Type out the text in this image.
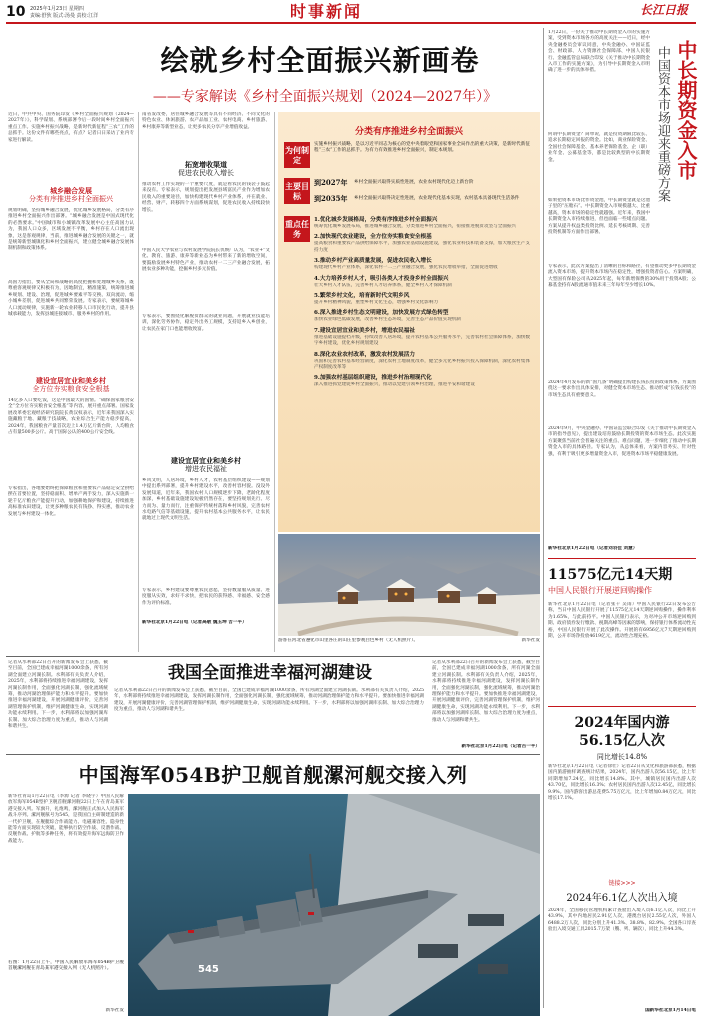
10 2025年1月23日 星期四
责编:舒狄 版式:汤曼 责校:江洋	时事新闻	长江日报
绘就乡村全面振兴新画卷
——专家解读《乡村全面振兴规划（2024—2027年）》
近日，中共中央、国务院印发《乡村全面振兴规划（2024—2027年）》，科学谋划、系统部署今后一段时间乡村全面振兴重点工作。实施乡村振兴战略，是新时代新征程“三农”工作的总抓手。这份文件有哪些亮点，有点？记者日日采访了业内专家进行解读。
城乡融合发展
分类有序推进乡村全面振兴
规划明确，坚持城乡融合发展，优化城乡发展格局，分类有序推进乡村全面振兴作出部署。“城乡融合发展是中国式现代化的必然要求。”中国城市和小城镇改革发展中心主任高国力认为，我国人口众多，区域发展不平衡，乡村存在人口流出现象，这是客观规律，当前，推进城乡融合发展的关键之一，就是统筹新型城镇化和乡村全面振兴，建立健全城乡融合发展体制机制和政策体系。
高国力指出，要从全局和战略的高度把握和处理城乡关系，既尊重客观规律又积极有为，因地制宜，精准施策，统筹推进城乡规划、建设、治理，促进城乡要素平等交换、双向流动，缩小城乡差别，促进城乡共同繁荣发展。专家表示，要统筹城乡人口流动规律，实施新一轮农业转移人口市民化行动，提升县城承载能力，发挥县城连接城市、服务乡村的作用。
建设宜居宜业和美乡村
全方位夯实粮食安全根基
14亿多人口要吃饭，这是中国最大的国情。“确保国家粮食安全”全方位夯实粮食安全根基“等内容，展开重点部署。国家发展改革委宏观经济研究院院长黄汉权表示，近年来我国深入实施藏粮于地、藏粮于技战略，农业综合生产能力稳步提高，2024年，我国粮食产量首次迈上1.4万亿斤新台阶，人均粮食占有量500多公斤。高于国际公认的400公斤安全线。
专家指出，各地要始终把保障粮食和重要农产品稳定安全供给摆在首要位置，坚持稳面积、增单产两手发力，深入实施新一轮千亿斤粮食产能提升行动，加强耕地保护和建设，持续推进高标准农田建设，让更多种粮农民有钱挣、得实惠，推动农业发展与乡村建设一体化。
南省发改委，居住城乡融合发展等具有不同经济、不同文化的特色农业、休闲旅游、农产品加工业、农村电商、乡村旅游、乡村康养等新型业态，让更多农民分享产业增值收益。
拓宽增收渠道
促进农民收入增长
推动农村工作实现的一个重要尺度，就是看农民的钱袋子鼓起来没有。专家表示，规划提出把发展县域富民产业作为增加农民收入的重要途径，加快构建现代乡村产业体系，并在就业、经营、财产、转移四个方面系统谋划，促进农民收入持续较快增长。
中国人民大学农业与农村发展学院院长仇焕广认为，“农业+”文化、教育、旅游、康养等新业态为乡村带来了新的增收空间，要鼓励发展乡村特色产业，推动农村一二三产业融合发展，拓展农业多种功能，挖掘乡村多元价值。
专家表示，要围绕化解脱贫群众的就业问题，开展就业技能培训，深化劳务协作，稳定外出务工规模，支持返乡入乡创业，让农民在家门口也能增收致富。
建设宜居宜业和美乡村
增进农民福祉
乡风文明，人居环境，乡村人才，农村基层组织建设——规划中提出系列部署，提升乡村建设水平，改善村容村貌。没设外发展知道，近年来，我国农村人口规模逐步下降，老龄化程度加深，乡村基础设施建设短板仍然存在，要坚持规划先行、尽力而为、量力而行，注重保护传统村落和乡村风貌，完善农村水电路气信等基础设施，提升农村基本公共服务水平，让农民就地过上现代文明生活。
专家表示，乡村建设要尊重农民意愿，坚持数量服从质量、进度服从实效，求好不求快，把农民的获得感、幸福感、安全感作为评价标准。
新华社北京1月22日电（记者高敬 魏玉坤 吉一平）
分类有序推进乡村全面振兴
为何制定
实施乡村振兴战略，是以习近平同志为核心的党中央着眼党和国家事业全局作出的重大决策，是新时代新征程“三农”工作的总抓手。为有力有效推进乡村全面振兴，制定本规划。
主要目标
到2027年	乡村全面振兴取得实质性进展，农业农村现代化迈上新台阶
到2035年	乡村全面振兴取得决定性进展，农业现代化基本实现，农村基本具备现代生活条件
重点任务
1.优化城乡发展格局，分类有序推进乡村全面振兴
统筹优化城乡发展布局，推进城乡融合发展，分类推进乡村全面振兴，衔接推进脱贫攻坚与全面振兴
2.加快现代农业建设，全方位夯实粮食安全根基
提高粮食和重要农产品供给保障水平，加强农业基础设施建设，强化农业科技和装备支撑，加大粮食生产支持力度
3.推动乡村产业高质量发展，促进农民收入增长
构建现代乡村产业体系，深化农村一二三产业融合发展，强化农民增收举措，全面促进增收
4.大力培养乡村人才，吸引各类人才投身乡村全面振兴
壮大乡村人才队伍，完善乡村人才培养体系，健全乡村人才保障机制
5.繁荣乡村文化，培育新时代文明乡风
提升乡村精神风貌，重塑乡村文化生态，增强乡村文化影响力
6.深入推进乡村生态文明建设，加快发展方式绿色转型
加快农业绿色低碳发展，改善乡村生态环境，完善生态产品价值实现机制
7.建设宜居宜业和美乡村，增进农民福祉
推进基础设施提档升级，持续改善人居环境，提升农村基本公共服务水平，完善农村社会保障体系，加快数字乡村建设，优化乡村规划建设
8.深化农业农村改革，激发农村发展活力
巩固和完善农村基本经营制度，深化农村土地制度改革，健全多元化乡村振兴投入保障机制，深化农村集体产权制度改革等
9.加强农村基层组织建设，推进乡村治理现代化
深入推进抓党建促乡村全面振兴，推动以党建引领乡村治理，推进平安和谐建设
游客在河北省遵化市山里各庄的山庄里参观白色乡村（无人机照片）。	新华社发
1月22日，一份关于推动中长期资金入市的实施方案，受到资本市场各方的高度关注——近日，经中央金融委员会审议同意，中央金融办、中国证监会、财政部、人力资源社会保障部、中国人民银行、金融监管总局联合印发《关于推动中长期资金入市工作的实施方案》，为引导中长期资金入市明确了进一步的具体举措。	中长期资金入市
中国资本市场迎来重磅方案
何谓中长期资金？简单说，就是投资期限比较长、追求长期稳定回报的资金。比如，商业保险资金、全国社会保障基金、基本养老保险基金、企（职）业年金、公募基金等，都是比较典型的中长期资金。
如果把资本市场比作资金池，中长期资金就是这池子里的“压舱石”。中长期资金入市规模越大、比重越高，资本市场的稳定性就越强。近年来，我国中长期资金入市持续推进，但也面临一些堵点问题。方案从提升权益类投资比例、延长考核周期、完善投资机制等方面作出部署。
专家表示，此次方案提出了清晰的目标和路径，有望推动更多中长期资金流入资本市场，提升资本市场内在稳定性，增强投资者信心。方案明确，大型国有保险公司从2025年起，每年新增保费的30%用于投资A股；公募基金持有A股流通市值未来三年每年至少增长10%。
2024年4月发布的新“国九条”明确提出构建长钱长投的政策体系，方案围绕这一要求作出具体安排，对健全资本市场生态、推动形成“长钱长投”的市场生态具有重要意义。
2024年9月，中央金融办、中国证监会联合印发《关于推动中长期资金入市的指导意见》，提出建设培育鼓励长期投资的资本市场生态。此次实施方案聚焦当前社会普遍关注的重点、难点问题，进一步细化了推动中长期资金入市的具体路径。专家认为，从总体来看，方案内容务实、针对性强，有利于吸引更多增量资金入市，促进资本市场平稳健康发展。
新华社北京1月22日电（记者刘羽佳 刘慧）
11575亿元14天期
中国人民银行开展逆回购操作
新华社北京1月22日电（记者张千 吴雨）中国人民银行22日发布公告称，当日中国人民银行开展了11575亿元14天期逆回购操作，操作利率为1.65%，与此前持平。中国人民银行表示，为对冲公开市场逆回购到期、政府债券发行缴款、税期高峰等因素的影响，保持银行体系流动性充裕，中国人民银行开展了此次操作。开展的有6956亿元7天期逆回购到期，公开市场净投放4619亿元，流动性合理充裕。
2024年国内游
56.15亿人次
同比增长14.8%
新华社北京1月22日电（记者徐壮）记者22日从文化和旅游部获悉，根据国内旅游抽样调查统计结果，2024年，国内出游人次56.15亿，比上年同期增加7.24亿，同比增长14.8%。其中，城镇居民国内出游人次43.70亿，同比增长16.3%；农村居民国内出游人次12.45亿，同比增长9.9%。国内游客出游总花费5.75万亿元，比上年增加0.84万亿元，同比增长17.1%。
链接>>>
2024年6.1亿人次出入境
2024年，全国移民管理机构累计查验出入境人员6.1亿人次，同比上升43.9%，其中内地居民2.91亿人次，港澳台居民2.55亿人次，外国人6488.2万人次，同比分别上升41.3%、38.8%、82.9%。全国各口岸查验出入境交通工具2015.7万架（艘、列、辆次），同比上升44.3%。
国新华社北京1月14日电
记者从水利部22日召开的新闻发布会上获悉，截至目前，全国已建成幸福河湖1000余条，所有河湖全面建立河湖长制。水利部有关负责人介绍，2025年，水利部将持续推进幸福河湖建设，发挥河湖长制作用，全面强化河湖长制，强化流域统筹，推动河湖治理保护能力和水平提升。要加快推进幸福河湖建设，开展河湖健康评价，完善河湖管理保护机制，维护河湖健康生命，实现河湖功能永续利用。下一步，水利部将以加强河湖库长制、加大综合治理力度为重点，推动人与河湖和谐共生。
我国全面推进幸福河湖建设
记者从水利部22日召开的新闻发布会上获悉，截至目前，全国已建成幸福河湖1000余条，所有河湖全面建立河湖长制。水利部有关负责人介绍，2025年，水利部将持续推进幸福河湖建设，发挥河湖长制作用，全面强化河湖长制，强化流域统筹，推动河湖治理保护能力和水平提升。要加快推进幸福河湖建设，开展河湖健康评价，完善河湖管理保护机制，维护河湖健康生命，实现河湖功能永续利用。下一步，水利部将以加强河湖库长制、加大综合治理力度为重点，推动人与河湖和谐共生。
记者从水利部22日召开的新闻发布会上获悉，截至目前，全国已建成幸福河湖1000余条，所有河湖全面建立河湖长制。水利部有关负责人介绍，2025年，水利部将持续推进幸福河湖建设，发挥河湖长制作用，全面强化河湖长制，强化流域统筹，推动河湖治理保护能力和水平提升。要加快推进幸福河湖建设，开展河湖健康评价，完善河湖管理保护机制，维护河湖健康生命，实现河湖功能永续利用。下一步，水利部将以加强河湖库长制、加大综合治理力度为重点，推动人与河湖和谐共生。
新华社北京1月22日电（记者古一平）
中国海军054B护卫舰首舰漯河舰交接入列
新华社青岛1月22日电（李源 记者 李晓宇）中国人民解放军海军054B型护卫舰首舰漯河舰22日上午在青岛某军港交接入列。军旗升，礼炮鸣，漯河舰正式加入人民海军战斗序列。漯河舰舷号为545，是我国自主研制建造的新一代护卫舰，在舰艇综合作战能力、电磁兼容性、隐身性能等方面实现较大突破，能够执行防空作战、反潜作战、反舰作战、护航等多种任务，将有效提升海军远海防卫作战能力。
右图：1月22日上午，中国人民解放军海军054B护卫舰首舰漯河舰在青岛某军港交接入列（无人机照片）。
新华社发
545
